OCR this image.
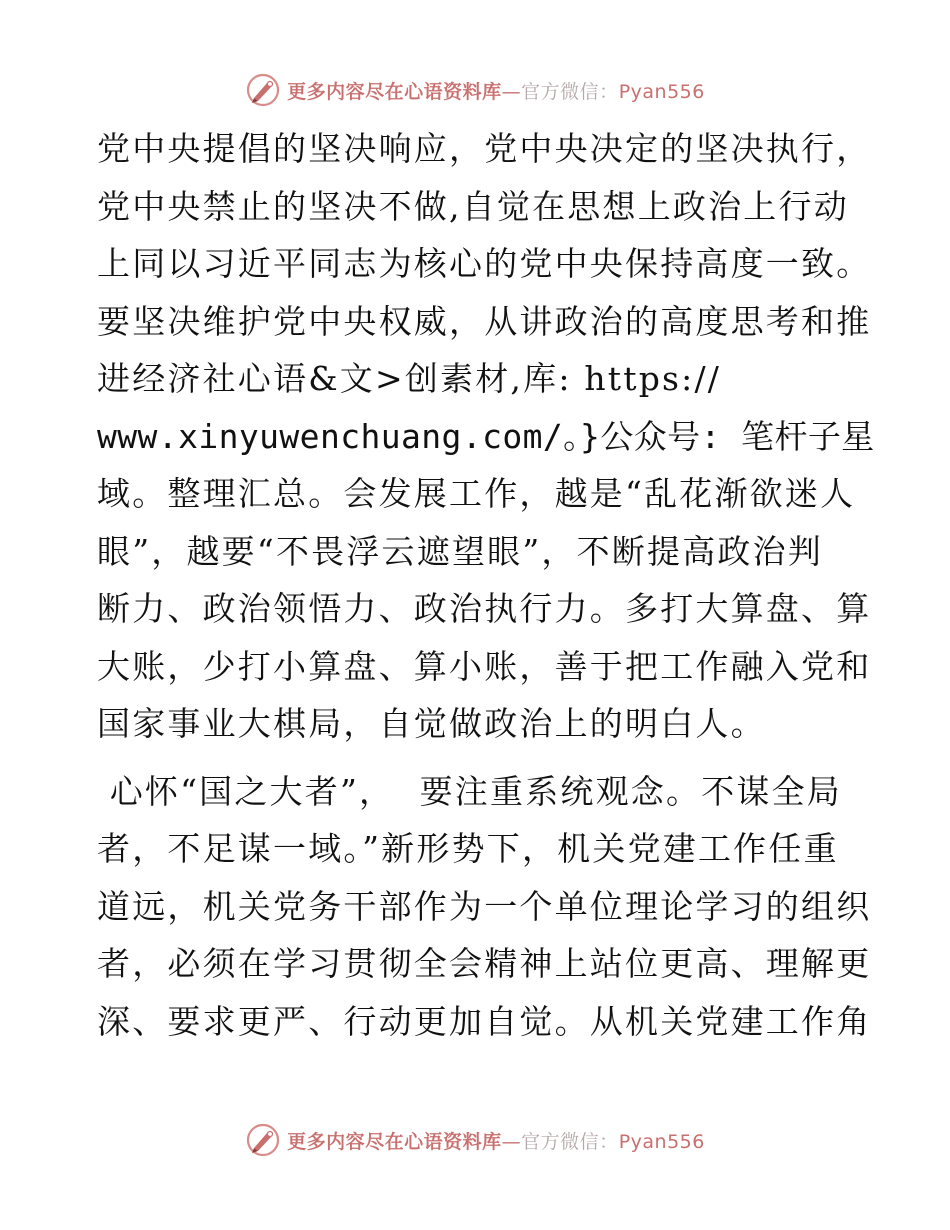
更多内容尽在心语资料库—官方微信：Pyan556
党中央提倡的坚决响应，党中央决定的坚决执行，
党中央禁止的坚决不做,自觉在思想上政治上行动
上同以习近平同志为核心的党中央保持高度一致。
要坚决维护党中央权威，从讲政治的高度思考和推
进经济社心语&文>创素材,库: https://
www.xinyuwenchuang.com/。}公众号: 笔杆子星
域。整理汇总。会发展工作，越是“乱花渐欲迷人
眼”，越要“不畏浮云遮望眼”，不断提高政治判
断力、政治领悟力、政治执行力。多打大算盘、算
大账，少打小算盘、算小账，善于把工作融入党和
国家事业大棋局，自觉做政治上的明白人。
心怀“国之大者”，  要注重系统观念。不谋全局
者，不足谋一域。”新形势下，机关党建工作任重
道远，机关党务干部作为一个单位理论学习的组织
者，必须在学习贯彻全会精神上站位更高、理解更
深、要求更严、行动更加自觉。从机关党建工作角
更多内容尽在心语资料库—官方微信：Pyan556
